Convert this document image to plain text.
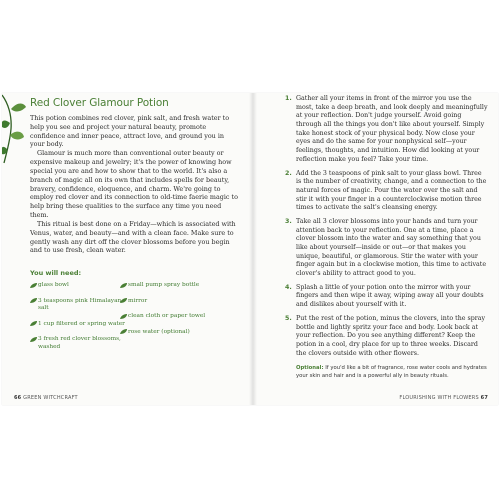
Red Clover Glamour Potion

This potion combines red clover, pink salt, and fresh water to help you see and project your natural beauty, promote confidence and inner peace, attract love, and ground you in your body.

Glamour is much more than conventional outer beauty or expensive makeup and jewelry; it's the power of knowing how special you are and how to show that to the world. It's also a branch of magic all on its own that includes spells for beauty, bravery, confidence, eloquence, and charm. We're going to employ red clover and its connection to old-time faerie magic to help bring these qualities to the surface any time you need them.

This ritual is best done on a Friday—which is associated with Venus, water, and beauty—and with a clean face. Make sure to gently wash any dirt off the clover blossoms before you begin and to use fresh, clean water.

You will need:
glass bowl
3 teaspoons pink Himalayan salt
1 cup filtered or spring water
3 fresh red clover blossoms, washed
small pump spray bottle
mirror
clean cloth or paper towel
rose water (optional)
66 GREEN WITCHCRAFT
1. Gather all your items in front of the mirror you use the most, take a deep breath, and look deeply and meaningfully at your reflection. Don't judge yourself. Avoid going through all the things you don't like about yourself. Simply take honest stock of your physical body. Now close your eyes and do the same for your nonphysical self—your feelings, thoughts, and intuition. How did looking at your reflection make you feel? Take your time.
2. Add the 3 teaspoons of pink salt to your glass bowl. Three is the number of creativity, change, and a connection to the natural forces of magic. Pour the water over the salt and stir it with your finger in a counterclockwise motion three times to activate the salt's cleansing energy.
3. Take all 3 clover blossoms into your hands and turn your attention back to your reflection. One at a time, place a clover blossom into the water and say something that you like about yourself—inside or out—or that makes you unique, beautiful, or glamorous. Stir the water with your finger again but in a clockwise motion, this time to activate clover's ability to attract good to you.
4. Splash a little of your potion onto the mirror with your fingers and then wipe it away, wiping away all your doubts and dislikes about yourself with it.
5. Put the rest of the potion, minus the clovers, into the spray bottle and lightly spritz your face and body. Look back at your reflection. Do you see anything different? Keep the potion in a cool, dry place for up to three weeks. Discard the clovers outside with other flowers.
Optional: If you'd like a bit of fragrance, rose water cools and hydrates your skin and hair and is a powerful ally in beauty rituals.
FLOURISHING WITH FLOWERS 67
